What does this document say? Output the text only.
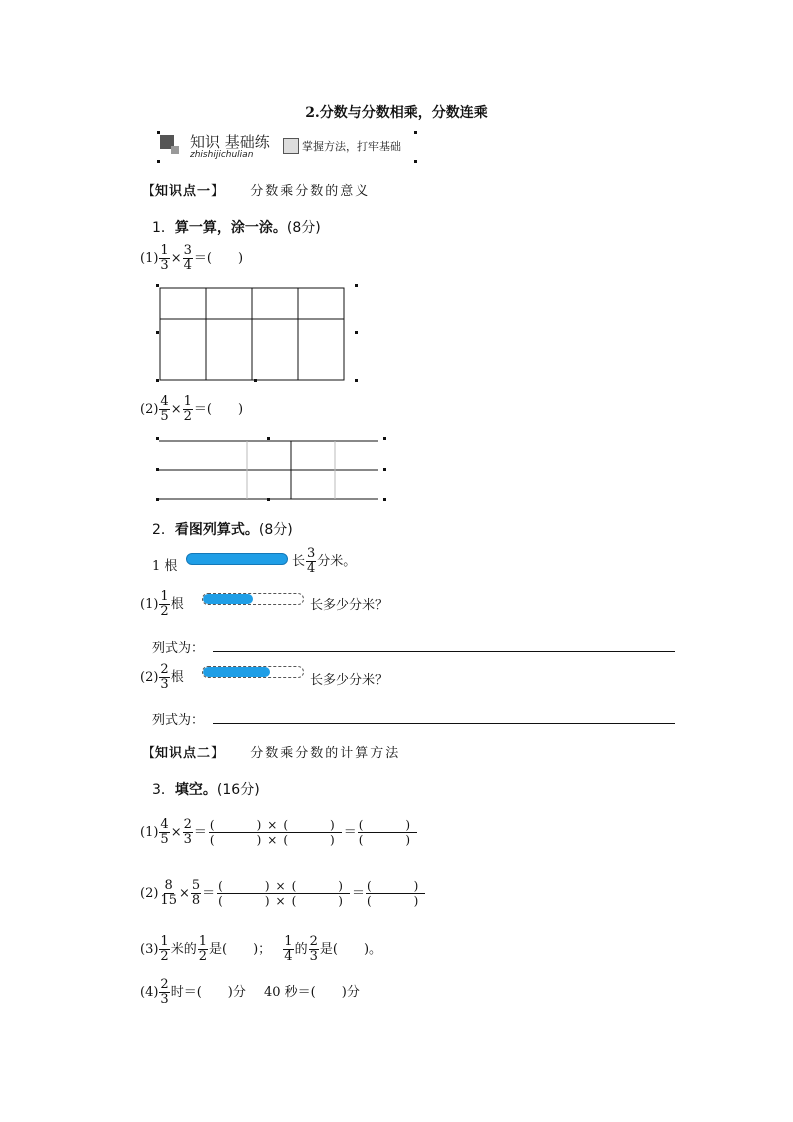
2.分数与分数相乘，分数连乘
知识 基础练
zhishijichulian
掌握方法，打牢基础
【知识点一】 分数乘分数的意义
1．算一算，涂一涂。(8分)
$(1) \frac{1}{3} \times \frac{3}{4}$ ＝(　　)
$(2) \frac{4}{5} \times \frac{1}{2}$ ＝(　　)
2．看图列算式。(8分)
1 根	长 $\frac{3}{4}$ 分米。
$(1) \frac{1}{2}$ 根	长多少分米？
列式为：
$(2) \frac{2}{3}$ 根	长多少分米？
列式为：
【知识点二】 分数乘分数的计算方法
3．填空。(16分)
$(1) \frac{4}{5} \times \frac{2}{3} = \frac{( )\times( )}{( )\times( )} = \frac{( )}{( )}$
$(2) \frac{8}{15} \times \frac{5}{8} = \frac{( )\times( )}{( )\times( )} = \frac{( )}{( )}$
$(3) \frac{1}{2}$ 米的 $\frac{1}{2}$ 是(　　)； $\frac{1}{4}$ 的 $\frac{2}{3}$ 是(　　)。
$(4) \frac{2}{3}$ 时＝(　　)分 40 秒＝(　　)分
